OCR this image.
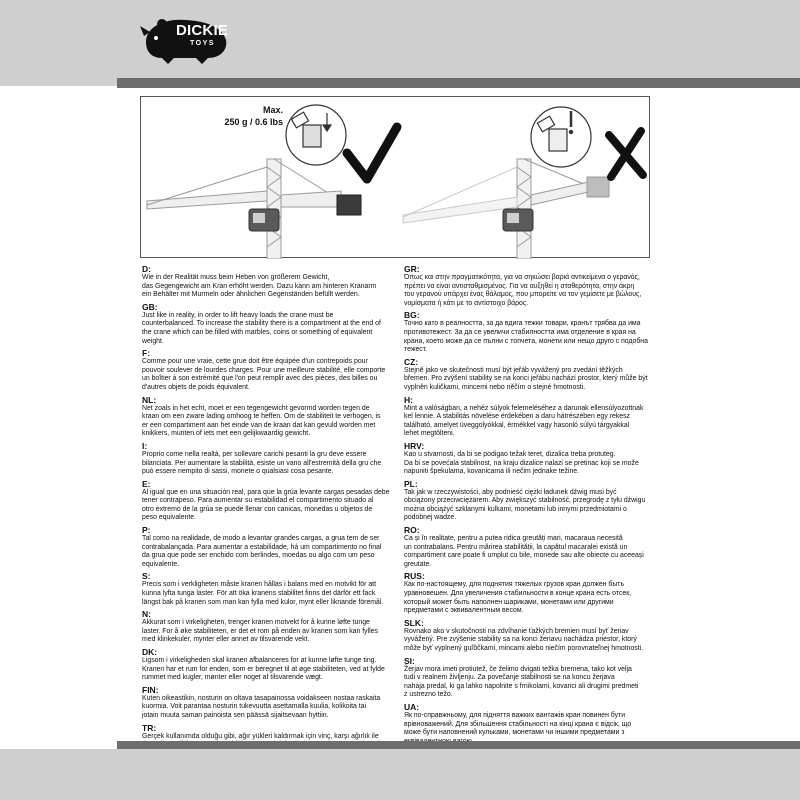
DICKIE
TOYS
Max.
250 g / 0.6 lbs
D:
Wie in der Realität muss beim Heben von größerem Gewicht,
das Gegengewicht am Kran erhöht werden. Dazu kann am hinteren Kranarm
ein Behälter mit Murmeln oder ähnlichen Gegenständen befüllt werden.
GB:
Just like in reality, in order to lift heavy loads the crane must be
counterbalanced. To increase the stability there is a compartment at the end of
the crane which can be filled with marbles, coins or something of equivalent
weight.
F:
Comme pour une vraie, cette grue doit être équipée d'un contrepoids pour
pouvoir soulever de lourdes charges. Pour une meilleure stabilité, elle comporte
un boîtier à son extrémité que l'on peut remplir avec des pièces, des billes ou
d'autres objets de poids équivalent.
NL:
Net zoals in het echt, moet er een tegengewicht gevormd worden tegen de
kraan om een zware lading omhoog te heffen. Om de stabiliteit te verhogen, is
er een compartiment aan het einde van de kraan dat kan gevuld worden met
knikkers, munten of iets met een gelijkwaardig gewicht.
I:
Proprio come nella realtà, per sollevare carichi pesanti la gru deve essere
bilanciata. Per aumentare la stabilità, esiste un vano all'estremità della gru che
può essere riempito di sassi, monete o qualsiasi cosa pesante.
E:
Al igual que en una situación real, para que la grúa levante cargas pesadas debe
tener contrapeso. Para aumentar su estabilidad el compartimento situado al
otro extremo de la grúa se puede llenar con canicas, monedas u objetos de
peso equivalente.
P:
Tal como na realidade, de modo a levantar grandes cargas, a grua tem de ser
contrabalançada. Para aumentar a estabilidade, há um compartimento no final
da grua que pode ser enchido com berlindes, moedas ou algo com um peso
equivalente.
S:
Precis som i verkligheten måste kranen hållas i balans med en motvikt för att
kunna lyfta tunga laster. För att öka kranens stabilitet finns det därför ett fack
längst bak på kranen som man kan fylla med kulor, mynt eller liknande föremål.
N:
Akkurat som i virkeligheten, trenger kranen motvekt for å kunne løfte tunge
laster. For å øke stabiliteten, er det et rom på enden av kranen som kan fylles
med klinkekuler, mynter eller annet av tilsvarende vekt.
DK:
Ligsom i virkeligheden skal kranen afbalanceres for at kunne løfte tunge ting.
Kranen har et rum for enden, som er beregnet til at øge stabiliteten, ved at fylde
rummet med kugler, mønter eller noget af tilsvarende vægt.
FIN:
Kuten oikeastikin, nosturin on oltava tasapainossa voidakseen nostaa raskaita
kuormia. Voit parantaa nosturin tukevuutta asettamalla kuulia, kolikoita tai
jotain muuta saman painoista sen päässä sijaitsevaan hyttiin.
TR:
Gerçek kullanımda olduğu gibi, ağır yükleri kaldırmak için vinç, karşı ağırlık ile

GR:
Όπως και στην πραγματικότητα, για να σηκώσει βαριά αντικείμενα ο γερανός,
πρέπει να είναι αντισταθμισμένος. Για να αυξηθεί η σταθερότητα, στην άκρη
του γερανού υπάρχει ένας θάλαμος, που μπορείτε να τον γεμίσετε με βώλους,
νομίσματα ή κάτι με το αντίστοιχο βάρος.
BG:
Точно като в реалността, за да вдига тежки товари, кранът трябва да има
противотежест. За да се увеличи стабилността има отделение в края на
крана, което може да се пълни с топчета, монети или нещо друго с подобна
тежест.
CZ:
Stejně jako ve skutečnosti musí být jeřáb vyvážený pro zvedání těžkých
břemen. Pro zvýšení stability se na konci jeřábu nachází prostor, který může být
vyplněn kuličkami, mincemi nebo něčím o stejné hmotnosti.
H:
Mint a valóságban, a nehéz súlyok felemeléséhez a darunak ellensúlyozottnak
kel lennie. A stabilitás növelése érdekében a daru hátrészében egy rekesz
található, amelyet üveggolyókkal, érmékkel vagy hasonló súlyú tárgyakkal
lehet megtölteni.
HRV:
Kao u stvarnosti, da bi se podigao težak teret, dizalica treba protuteg.
Da bi se povećala stabilnost, na kraju dizalice nalazi se pretinac koji se može
napuniti špekulama, kovanicama ili nečim jednake težine.
PL:
Tak jak w rzeczywistości, aby podnieść ciężki ładunek dźwig musi być
obciążony przeciwciężarem. Aby zwiększyć stabilność, przegrodę z tyłu dźwigu
można obciążyć szklanymi kulkami, monetami lub innymi przedmiotami o
podobnej wadze.
RO:
Ca și în realitate, pentru a putea ridica greutăți mari, macaraua necesită
un contrabalans. Pentru mărirea stabilității, la capătul macaralei există un
compartiment care poate fi umplut cu bile, monede sau alte obiecte cu aceeași
greutate.
RUS:
Как по-настоящему, для поднятия тяжелых грузов кран должен быть
уравновешен. Для увеличения стабильности в конце крана есть отсек,
который может быть наполнен шариками, монетами или другими
предметами с эквивалентным весом.
SLK:
Rovnako ako v skutočnosti na zdvíhanie ťažkých bremien musí byť žeriav
vyvážený. Pre zvýšenie stability sa na konci žeriavu nachádza priestor, ktorý
môže byť vyplnený guľôčkami, mincami alebo niečím porovnateľnej hmotnosti.
SI:
Žerjav mora imeti protiutež, če želimo dvigati težka bremena, tako kot velja
tudi v realnem življenju. Za povečanje stabilnosti se na koncu žerjava
nahaja predal, ki ga lahko napolnite s frnikolami, kovanci ali drugimi predmeti
z ustrezno težo.
UA:
Як по-справжньому, для підняття важких вантажів кран повинен бути
врівноважений. Для збільшення стабільності на кінці крана є відсік, що
може бути наповнений кульками, монетами чи іншими предметами з
